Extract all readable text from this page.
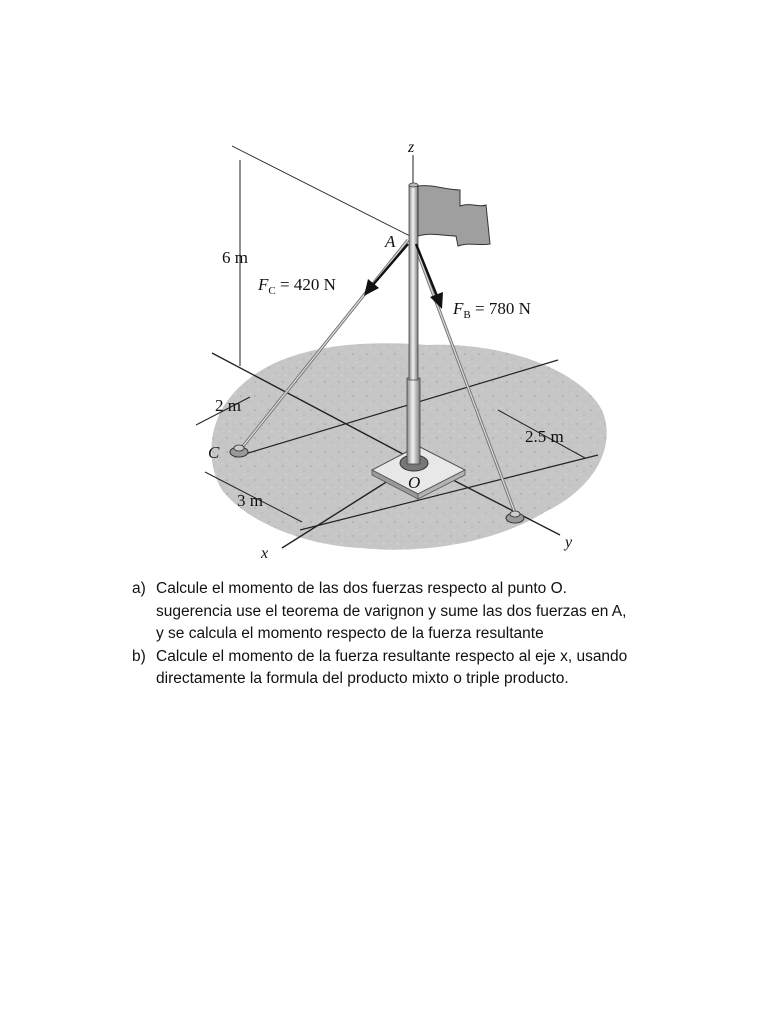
z
x
y
A
C
O
6 m
2 m
3 m
2.5 m
$F_C = 420$ N
$F_B = 780$ N
a) Calcule el momento de las dos fuerzas respecto al punto O.
sugerencia use el teorema de varignon y sume las dos fuerzas en A,
y se calcula el momento respecto de la fuerza resultante
b) Calcule el momento de la fuerza resultante respecto al eje x, usando
directamente la formula del producto mixto o triple producto.
